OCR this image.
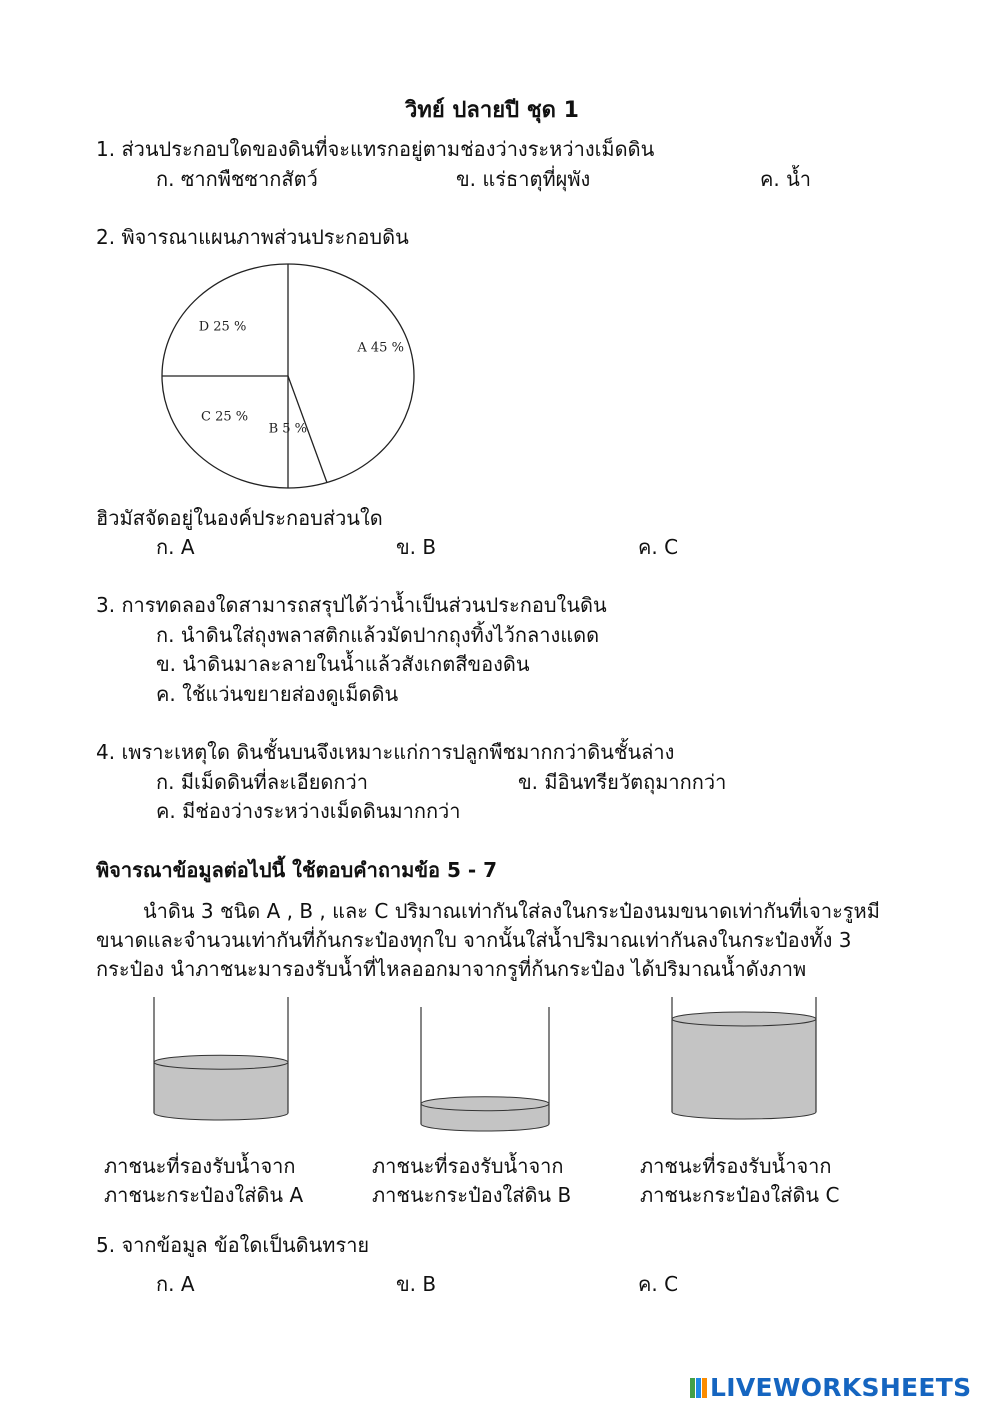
วิทย์ ปลายปี ชุด 1
1. ส่วนประกอบใดของดินที่จะแทรกอยู่ตามช่องว่างระหว่างเม็ดดิน
ก. ซากพืชซากสัตว์	ข. แร่ธาตุที่ผุพัง	ค. น้ำ
2. พิจารณาแผนภาพส่วนประกอบดิน
A 45 %
B 5 %
C 25 %
D 25 %
ฮิวมัสจัดอยู่ในองค์ประกอบส่วนใด
ก. A	ข. B	ค. C
3. การทดลองใดสามารถสรุปได้ว่าน้ำเป็นส่วนประกอบในดิน
ก. นำดินใส่ถุงพลาสติกแล้วมัดปากถุงทิ้งไว้กลางแดด
ข. นำดินมาละลายในน้ำแล้วสังเกตสีของดิน
ค. ใช้แว่นขยายส่องดูเม็ดดิน
4. เพราะเหตุใด ดินชั้นบนจึงเหมาะแก่การปลูกพืชมากกว่าดินชั้นล่าง
ก. มีเม็ดดินที่ละเอียดกว่า	ข. มีอินทรียวัตถุมากกว่า
ค. มีช่องว่างระหว่างเม็ดดินมากกว่า
พิจารณาข้อมูลต่อไปนี้ ใช้ตอบคำถามข้อ 5 - 7
นำดิน 3 ชนิด A , B , และ C ปริมาณเท่ากันใส่ลงในกระป๋องนมขนาดเท่ากันที่เจาะรูหมี
ขนาดและจำนวนเท่ากันที่ก้นกระป๋องทุกใบ จากนั้นใส่น้ำปริมาณเท่ากันลงในกระป๋องทั้ง 3
กระป๋อง นำภาชนะมารองรับน้ำที่ไหลออกมาจากรูที่ก้นกระป๋อง ได้ปริมาณน้ำดังภาพ
ภาชนะที่รองรับน้ำจาก
ภาชนะกระป๋องใส่ดิน A
ภาชนะที่รองรับน้ำจาก
ภาชนะกระป๋องใส่ดิน B
ภาชนะที่รองรับน้ำจาก
ภาชนะกระป๋องใส่ดิน C
5. จากข้อมูล ข้อใดเป็นดินทราย
ก. A	ข. B	ค. C
LIVEWORKSHEETS
